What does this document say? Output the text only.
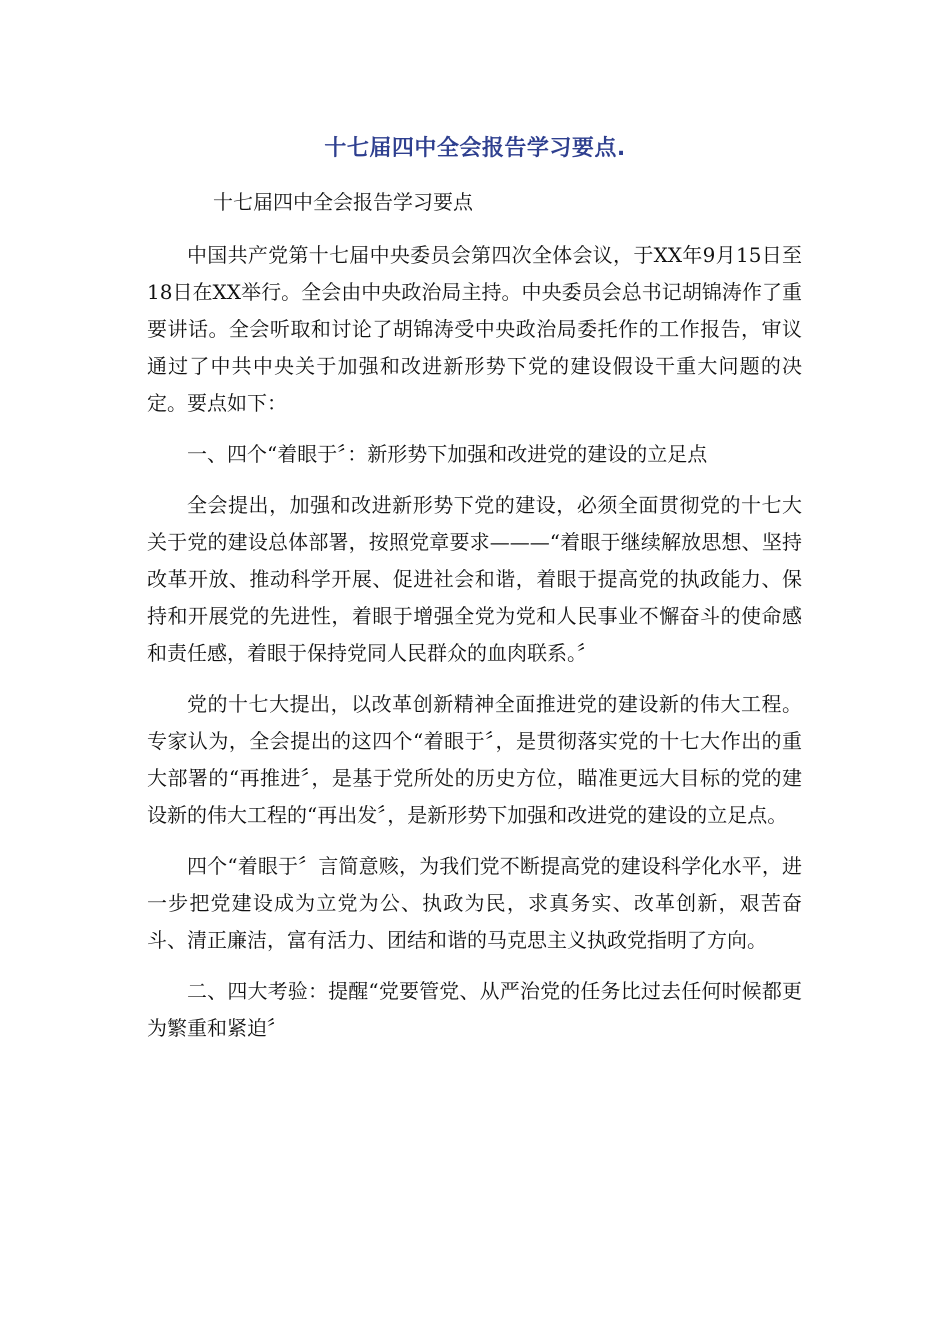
十七届四中全会报告学习要点.
十七届四中全会报告学习要点

中国共产党第十七届中央委员会第四次全体会议，于XX年9月15日至18日在XX举行。全会由中央政治局主持。中央委员会总书记胡锦涛作了重要讲话。全会听取和讨论了胡锦涛受中央政治局委托作的工作报告，审议通过了中共中央关于加强和改进新形势下党的建设假设干重大问题的决定。要点如下：

一、四个“着眼于〞：新形势下加强和改进党的建设的立足点

全会提出，加强和改进新形势下党的建设，必须全面贯彻党的十七大关于党的建设总体部署，按照党章要求———“着眼于继续解放思想、坚持改革开放、推动科学开展、促进社会和谐，着眼于提高党的执政能力、保持和开展党的先进性，着眼于增强全党为党和人民事业不懈奋斗的使命感和责任感，着眼于保持党同人民群众的血肉联系。〞

党的十七大提出，以改革创新精神全面推进党的建设新的伟大工程。专家认为，全会提出的这四个“着眼于〞，是贯彻落实党的十七大作出的重大部署的“再推进〞，是基于党所处的历史方位，瞄准更远大目标的党的建设新的伟大工程的“再出发〞，是新形势下加强和改进党的建设的立足点。

四个“着眼于〞言简意赅，为我们党不断提高党的建设科学化水平，进一步把党建设成为立党为公、执政为民，求真务实、改革创新，艰苦奋斗、清正廉洁，富有活力、团结和谐的马克思主义执政党指明了方向。

二、四大考验：提醒“党要管党、从严治党的任务比过去任何时候都更为繁重和紧迫〞
